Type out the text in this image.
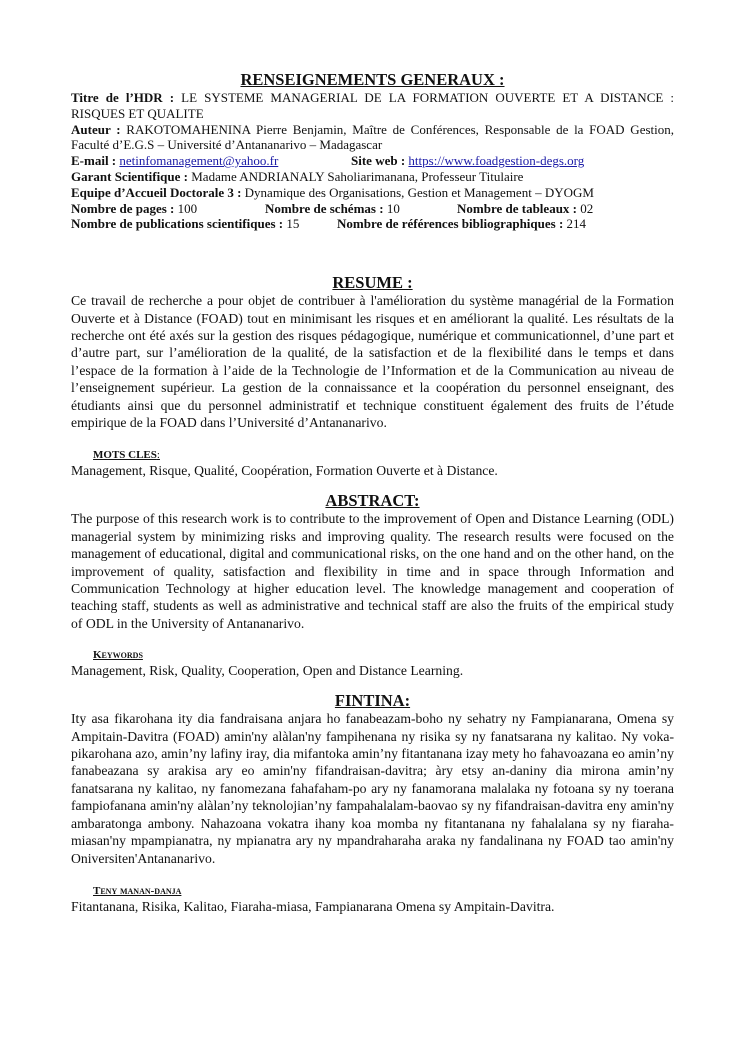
RENSEIGNEMENTS GENERAUX :

Titre de l’HDR : LE SYSTEME MANAGERIAL DE LA FORMATION OUVERTE ET A DISTANCE : RISQUES ET QUALITE

Auteur : RAKOTOMAHENINA Pierre Benjamin, Maître de Conférences, Responsable de la FOAD Gestion, Faculté d’E.G.S – Université d’Antananarivo – Madagascar

E-mail : netinfomanagement@yahoo.fr	Site web : https://www.foadgestion-degs.org

Garant Scientifique : Madame ANDRIANALY Saholiarimanana, Professeur Titulaire

Equipe d’Accueil Doctorale 3 : Dynamique des Organisations, Gestion et Management – DYOGM

Nombre de pages : 100	Nombre de schémas : 10	Nombre de tableaux : 02
Nombre de publications scientifiques : 15	Nombre de références bibliographiques : 214
RESUME :

Ce travail de recherche a pour objet de contribuer à l'amélioration du système managérial de la Formation Ouverte et à Distance (FOAD) tout en minimisant les risques et en améliorant la qualité. Les résultats de la recherche ont été axés sur la gestion des risques pédagogique, numérique et communicationnel, d’une part et d’autre part, sur l’amélioration de la qualité, de la satisfaction et de la flexibilité dans le temps et dans l’espace de la formation à l’aide de la Technologie de l’Information et de la Communication au niveau de l’enseignement supérieur. La gestion de la connaissance et la coopération du personnel enseignant, des étudiants ainsi que du personnel administratif et technique constituent également des fruits de l’étude empirique de la FOAD dans l’Université d’Antananarivo.

MOTS CLES:

Management, Risque, Qualité, Coopération, Formation Ouverte et à Distance.

ABSTRACT:

The purpose of this research work is to contribute to the improvement of Open and Distance Learning (ODL) managerial system by minimizing risks and improving quality. The research results were focused on the management of educational, digital and communicational risks, on the one hand and on the other hand, on the improvement of quality, satisfaction and flexibility in time and in space through Information and Communication Technology at higher education level. The knowledge management and cooperation of teaching staff, students as well as administrative and technical staff are also the fruits of the empirical study of ODL in the University of Antananarivo.

Keywords

Management, Risk, Quality, Cooperation, Open and Distance Learning.

FINTINA:

Ity asa fikarohana ity dia fandraisana anjara ho fanabeazam-boho ny sehatry ny Fampianarana, Omena sy Ampitain-Davitra (FOAD) amin'ny alàlan'ny fampihenana ny risika sy ny fanatsarana ny kalitao. Ny voka-pikarohana azo, amin’ny lafiny iray, dia mifantoka amin’ny fitantanana izay mety ho fahavoazana eo amin’ny fanabeazana sy arakisa ary eo amin'ny fifandraisan-davitra; àry etsy an-daniny dia mirona amin’ny fanatsarana ny kalitao, ny fanomezana fahafaham-po ary ny fanamorana malalaka ny fotoana sy ny toerana fampiofanana amin'ny alàlan’ny teknolojian’ny fampahalalam-baovao sy ny fifandraisan-davitra eny amin'ny ambaratonga ambony. Nahazoana vokatra ihany koa momba ny fitantanana ny fahalalana sy ny fiaraha-miasan'ny mpampianatra, ny mpianatra ary ny mpandraharaha araka ny fandalinana ny FOAD tao amin'ny Oniversiten'Antananarivo.

Teny manan-danja

Fitantanana, Risika, Kalitao, Fiaraha-miasa, Fampianarana Omena sy Ampitain-Davitra.
